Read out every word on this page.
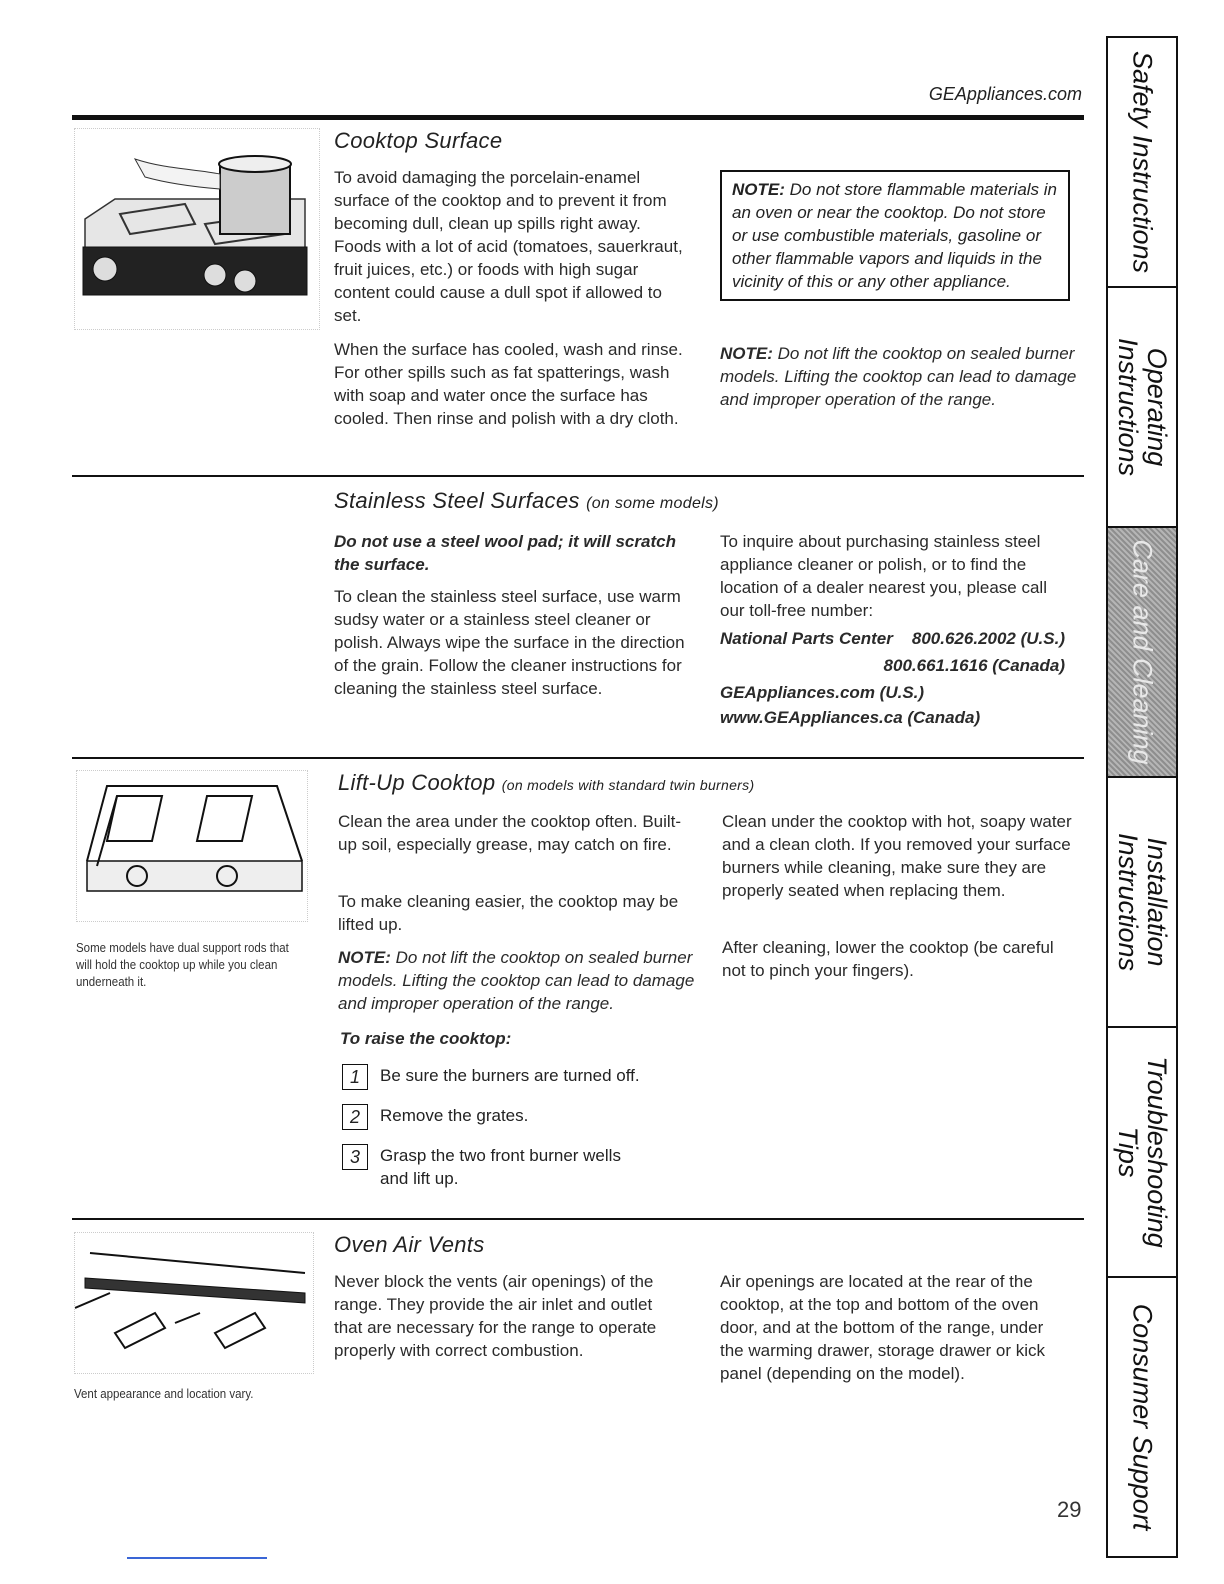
GEAppliances.com
Cooktop Surface

To avoid damaging the porcelain-enamel surface of the cooktop and to prevent it from becoming dull, clean up spills right away. Foods with a lot of acid (tomatoes, sauerkraut, fruit juices, etc.) or foods with high sugar content could cause a dull spot if allowed to set.

When the surface has cooled, wash and rinse. For other spills such as fat spatterings, wash with soap and water once the surface has cooled. Then rinse and polish with a dry cloth.

NOTE: Do not store flammable materials in an oven or near the cooktop. Do not store or use combustible materials, gasoline or other flammable vapors and liquids in the vicinity of this or any other appliance.

NOTE: Do not lift the cooktop on sealed burner models. Lifting the cooktop can lead to damage and improper operation of the range.

Stainless Steel Surfaces (on some models)

Do not use a steel wool pad; it will scratch the surface.

To clean the stainless steel surface, use warm sudsy water or a stainless steel cleaner or polish. Always wipe the surface in the direction of the grain. Follow the cleaner instructions for cleaning the stainless steel surface.

To inquire about purchasing stainless steel appliance cleaner or polish, or to find the location of a dealer nearest you, please call our toll-free number:

National Parts Center 800.626.2002 (U.S.)
800.661.1616 (Canada)
GEAppliances.com (U.S.)
www.GEAppliances.ca (Canada)

Some models have dual support rods that will hold the cooktop up while you clean underneath it.

Lift-Up Cooktop (on models with standard twin burners)

Clean the area under the cooktop often. Built-up soil, especially grease, may catch on fire.

To make cleaning easier, the cooktop may be lifted up.

NOTE: Do not lift the cooktop on sealed burner models. Lifting the cooktop can lead to damage and improper operation of the range.

To raise the cooktop:

1	Be sure the burners are turned off.
2	Remove the grates.
3	Grasp the two front burner wells and lift up.

Clean under the cooktop with hot, soapy water and a clean cloth. If you removed your surface burners while cleaning, make sure they are properly seated when replacing them.

After cleaning, lower the cooktop (be careful not to pinch your fingers).

Vent appearance and location vary.

Oven Air Vents

Never block the vents (air openings) of the range. They provide the air inlet and outlet that are necessary for the range to operate properly with correct combustion.

Air openings are located at the rear of the cooktop, at the top and bottom of the oven door, and at the bottom of the range, under the warming drawer, storage drawer or kick panel (depending on the model).

Safety Instructions
Operating
Instructions
Care and Cleaning
Installation
Instructions
Troubleshooting
Tips
Consumer Support
29
